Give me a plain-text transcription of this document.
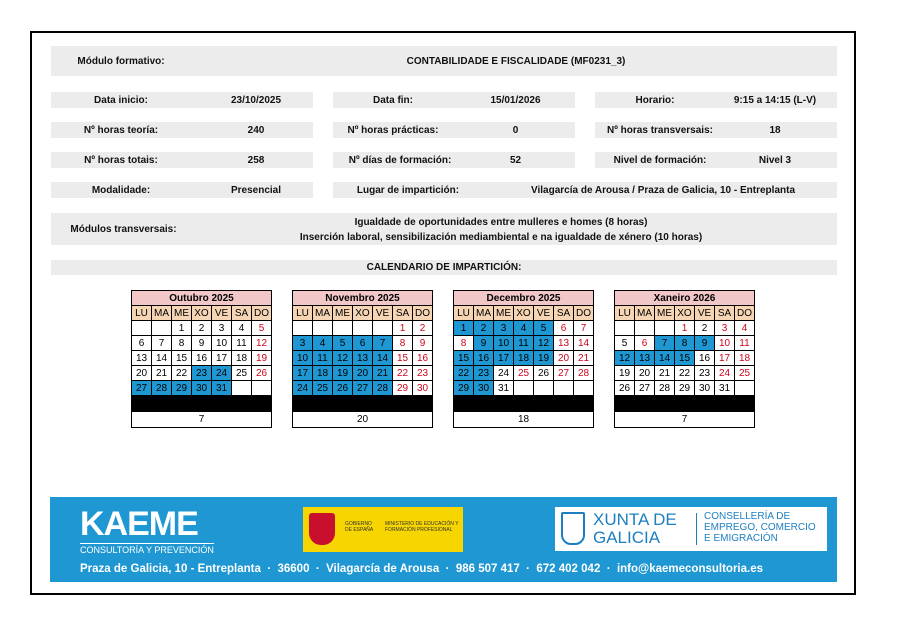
Módulo formativo:	CONTABILIDADE E FISCALIDADE (MF0231_3)
Data inicio:	23/10/2025	Data fin:	15/01/2026	Horario:	9:15 a 14:15 (L-V)
Nº horas teoría:	240	Nº horas prácticas:	0	Nº horas transversais:	18
Nº horas totais:	258	Nº días de formación:	52	Nivel de formación:	Nivel 3
Modalidade:	Presencial	Lugar de impartición:	Vilagarcía de Arousa / Praza de Galicia, 10 - Entreplanta
Módulos transversais:
Igualdade de oportunidades entre mulleres e homes (8 horas)
Inserción laboral, sensibilización mediambiental e na igualdade de xénero (10 horas)
CALENDARIO DE IMPARTICIÓN:
Outubro 2025						
LU	MA	ME	XO	VE	SA	DO
		1	2	3	4	5
6	7	8	9	10	11	12
13	14	15	16	17	18	19
20	21	22	23	24	25	26
27	28	29	30	31		

7						
Novembro 2025						
LU	MA	ME	XO	VE	SA	DO
					1	2
3	4	5	6	7	8	9
10	11	12	13	14	15	16
17	18	19	20	21	22	23
24	25	26	27	28	29	30

20						
Decembro 2025						
LU	MA	ME	XO	VE	SA	DO
1	2	3	4	5	6	7
8	9	10	11	12	13	14
15	16	17	18	19	20	21
22	23	24	25	26	27	28
29	30	31				

18						
Xaneiro 2026						
LU	MA	ME	XO	VE	SA	DO
			1	2	3	4
5	6	7	8	9	10	11
12	13	14	15	16	17	18
19	20	21	22	23	24	25
26	27	28	29	30	31	

7						
KAEME
CONSULTORÍA Y PREVENCIÓN
GOBIERNO DE ESPAÑA
MINISTERIO DE EDUCACIÓN Y FORMACIÓN PROFESIONAL
XUNTA DE GALICIA
CONSELLERÍA DE EMPREGO, COMERCIO E EMIGRACIÓN
Praza de Galicia, 10 - Entreplanta  ·  36600  ·  Vilagarcía de Arousa  ·  986 507 417  ·  672 402 042  ·  info@kaemeconsultoria.es
